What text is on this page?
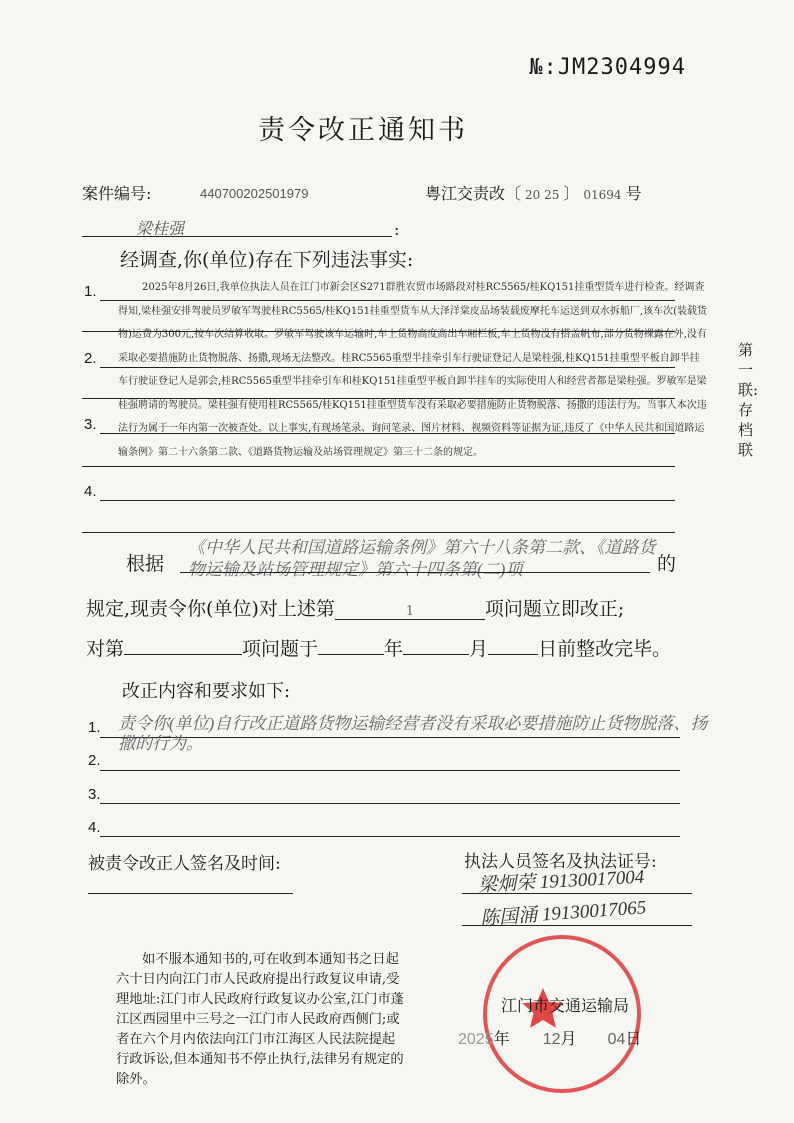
№:JM2304994
责令改正通知书
案件编号:	440700202501979	粤江交责改〔 20 25 〕 01694 号
梁桂强	:
经调查,你(单位)存在下列违法事实:
1.
2.
3.
4.
2025年8月26日,我单位执法人员在江门市新会区S271群胜农贸市场路段对桂RC5565/桂KQ151挂重型货车进行检查。经调查得知,梁桂强安排驾驶员罗敏军驾驶桂RC5565/桂KQ151挂重型货车从大泽洋棠皮品场装载废摩托车运送到双水拆船厂,该车次(装载货物)运费为300元,按车次结算收取。罗敏军驾驶该车运输时,车上货物高度高出车厢栏板,车上货物没有搭盖帆布,部分货物裸露在外,没有采取必要措施防止货物脱落、扬撒,现场无法整改。桂RC5565重型半挂牵引车行驶证登记人是梁桂强,桂KQ151挂重型平板自卸半挂车行驶证登记人是郭会,桂RC5565重型半挂牵引车和桂KQ151挂重型平板自卸半挂车的实际使用人和经营者都是梁桂强。罗敏军是梁桂强聘请的驾驶员。梁桂强有使用桂RC5565/桂KQ151挂重型货车没有采取必要措施防止货物脱落、扬撒的违法行为。当事人本次违法行为属于一年内第一次被查处。以上事实,有现场笔录、询问笔录、图片材料、视频资料等证据为证,违反了《中华人民共和国道路运输条例》第二十六条第二款、《道路货物运输及站场管理规定》第三十二条的规定。
第一联:存档联
根据
《中华人民共和国道路运输条例》第六十八条第二款、《道路货物运输及站场管理规定》第六十四条第(二)项	的
规定,现责令你(单位)对上述第	1	项问题立即改正;
对第	项问题于	年	月	日前整改完毕。
改正内容和要求如下:
1.
2.
3.
4.
责令你(单位)自行改正道路货物运输经营者没有采取必要措施防止货物脱落、扬撒的行为。
被责令改正人签名及时间:	执法人员签名及执法证号:
梁炯荣 19130017004
陈国涌 19130017065
如不服本通知书的,可在收到本通知书之日起六十日内向江门市人民政府提出行政复议申请,受理地址:江门市人民政府行政复议办公室,江门市蓬江区西园里中三号之一江门市人民政府西侧门;或者在六个月内依法向江门市江海区人民法院提起行政诉讼,但本通知书不停止执行,法律另有规定的除外。
江门市交通运输局
2025年 12月 04日
